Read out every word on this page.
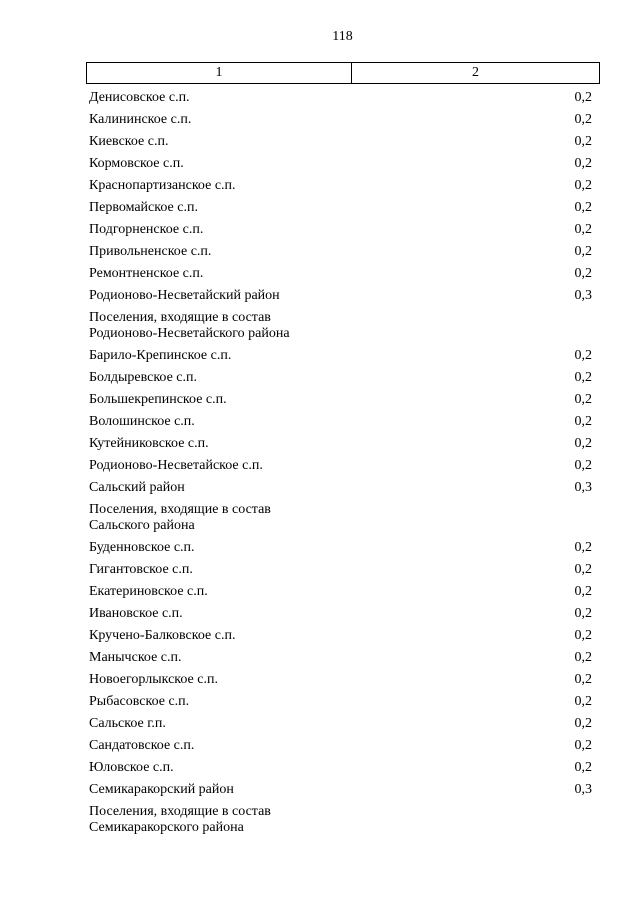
118
1	2
Денисовское с.п.	0,2
Калининское с.п.	0,2
Киевское с.п.	0,2
Кормовское с.п.	0,2
Краснопартизанское с.п.	0,2
Первомайское с.п.	0,2
Подгорненское с.п.	0,2
Привольненское с.п.	0,2
Ремонтненское с.п.	0,2
Родионово-Несветайский район	0,3
Поселения, входящие в состав
Родионово-Несветайского района
Барило-Крепинское с.п.	0,2
Болдыревское с.п.	0,2
Большекрепинское с.п.	0,2
Волошинское с.п.	0,2
Кутейниковское с.п.	0,2
Родионово-Несветайское с.п.	0,2
Сальский район	0,3
Поселения, входящие в состав
Сальского района
Буденновское с.п.	0,2
Гигантовское с.п.	0,2
Екатериновское с.п.	0,2
Ивановское с.п.	0,2
Кручено-Балковское с.п.	0,2
Манычское с.п.	0,2
Новоегорлыкское с.п.	0,2
Рыбасовское с.п.	0,2
Сальское г.п.	0,2
Сандатовское с.п.	0,2
Юловское с.п.	0,2
Семикаракорский район	0,3
Поселения, входящие в состав
Семикаракорского района
